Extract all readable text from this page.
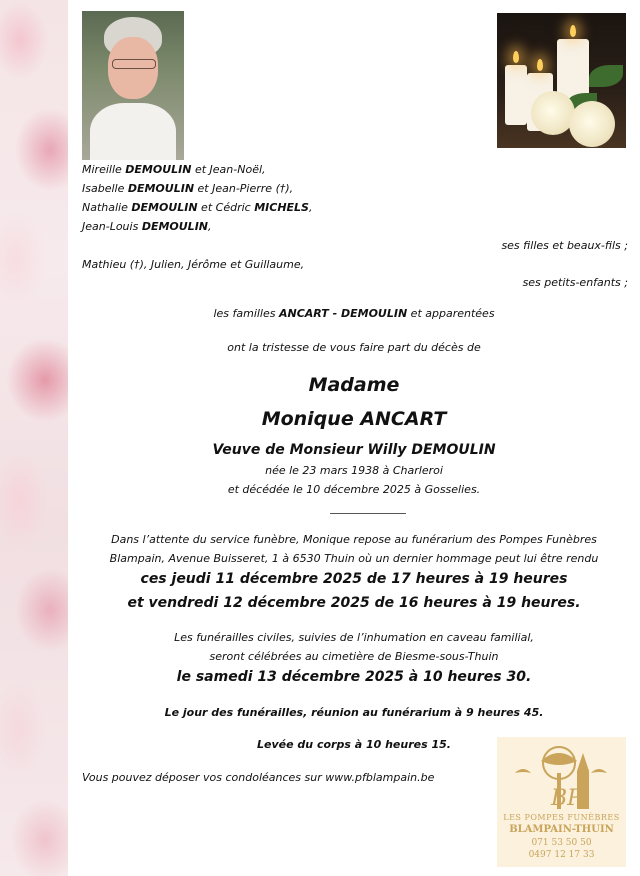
Mireille DEMOULIN et Jean-Noël,
Isabelle DEMOULIN et Jean-Pierre (†),
Nathalie DEMOULIN et Cédric MICHELS,
Jean-Louis DEMOULIN,
ses filles et beaux-fils ;
Mathieu (†), Julien, Jérôme et Guillaume,
ses petits-enfants ;
les familles ANCART - DEMOULIN et apparentées
ont la tristesse de vous faire part du décès de
Madame
Monique ANCART
Veuve de Monsieur Willy DEMOULIN
née le 23 mars 1938 à Charleroi
et décédée le 10 décembre 2025 à Gosselies.
Dans l’attente du service funèbre, Monique repose au funérarium des Pompes Funèbres
Blampain, Avenue Buisseret, 1 à 6530 Thuin où un dernier hommage peut lui être rendu
ces jeudi 11 décembre 2025 de 17 heures à 19 heures
et vendredi 12 décembre 2025 de 16 heures à 19 heures.
Les funérailles civiles, suivies de l’inhumation en caveau familial,
seront célébrées au cimetière de Biesme-sous-Thuin
le samedi 13 décembre 2025 à 10 heures 30.
Le jour des funérailles, réunion au funérarium à 9 heures 45.
Levée du corps à 10 heures 15.
Vous pouvez déposer vos condoléances sur www.pfblampain.be
BP
LES POMPES FUNÈBRES
BLAMPAIN-THUIN
071 53 50 50
0497 12 17 33
